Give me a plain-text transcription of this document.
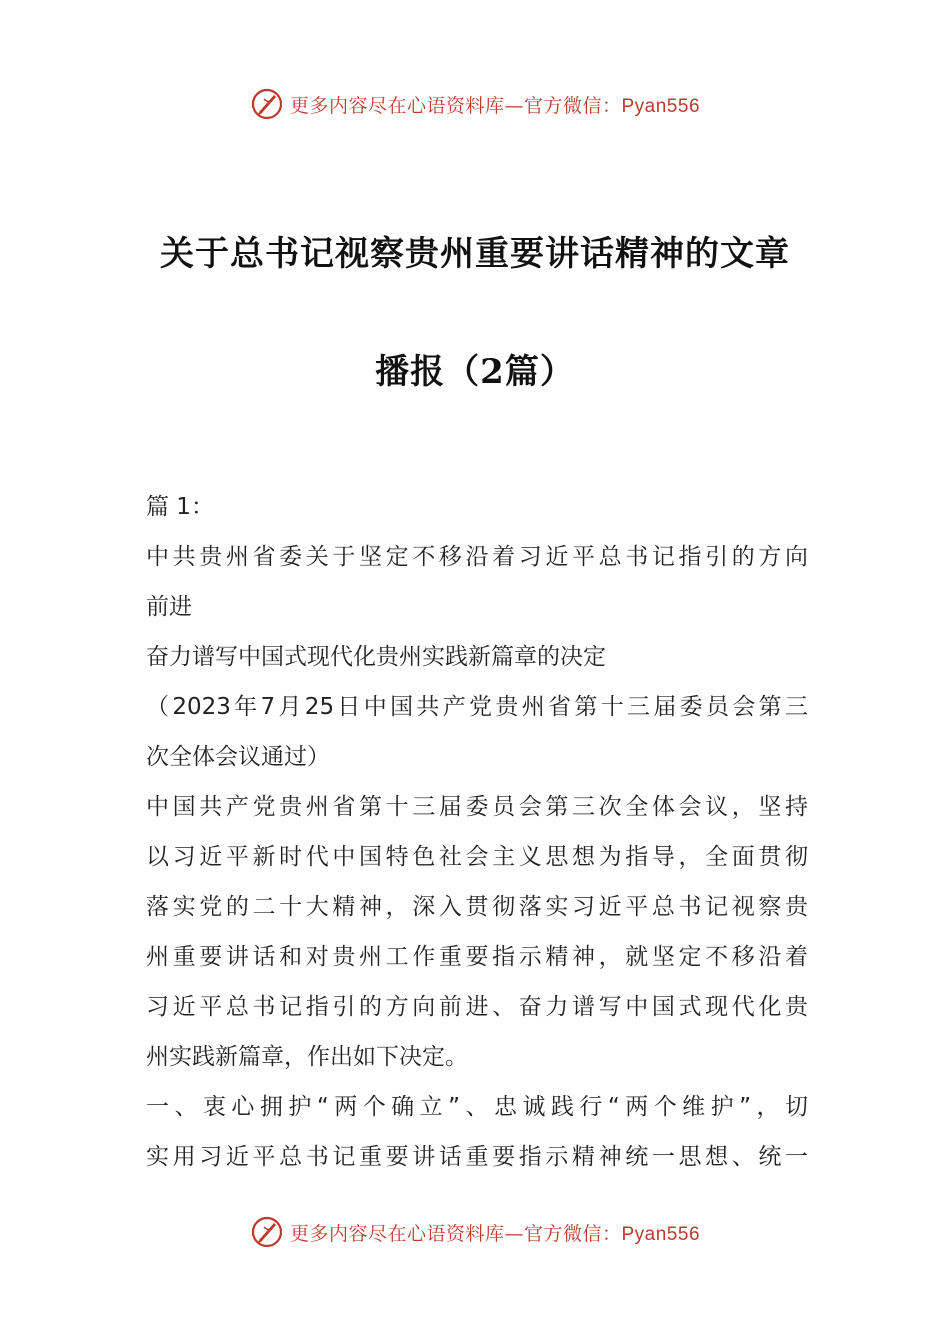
更多内容尽在心语资料库—官方微信：Pyan556
关于总书记视察贵州重要讲话精神的文章
播报（2篇）
篇 1：
中共贵州省委关于坚定不移沿着习近平总书记指引的方向
前进
奋力谱写中国式现代化贵州实践新篇章的决定
（2023年7月25日中国共产党贵州省第十三届委员会第三
次全体会议通过）
中国共产党贵州省第十三届委员会第三次全体会议，坚持
以习近平新时代中国特色社会主义思想为指导，全面贯彻
落实党的二十大精神，深入贯彻落实习近平总书记视察贵
州重要讲话和对贵州工作重要指示精神，就坚定不移沿着
习近平总书记指引的方向前进、奋力谱写中国式现代化贵
州实践新篇章，作出如下决定。
一、衷心拥护“两个确立”、忠诚践行“两个维护”，切
实用习近平总书记重要讲话重要指示精神统一思想、统一
更多内容尽在心语资料库—官方微信：Pyan556
